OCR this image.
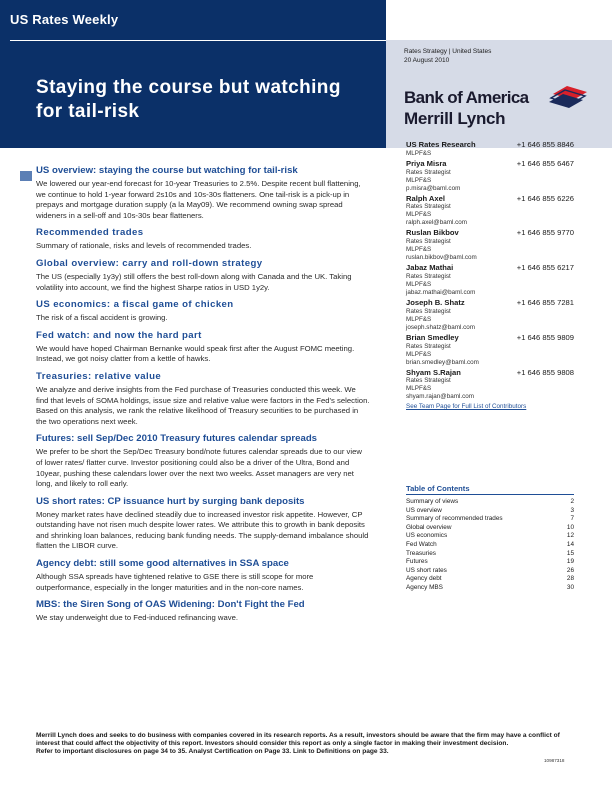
US Rates Weekly
Staying the course but watching for tail-risk
Rates Strategy | United States
20 August 2010
Bank of America
Merrill Lynch
US overview: staying the course but watching for tail-risk

We lowered our year-end forecast for 10-year Treasuries to 2.5%. Despite recent bull flattening, we continue to hold 1-year forward 2s10s and 10s-30s flatteners. One tail-risk is a pick-up in prepays and mortgage duration supply (a la May09). We recommend owning swap spread wideners in a sell-off and 10s-30s bear flatteners.

Recommended trades

Summary of rationale, risks and levels of recommended trades.

Global overview: carry and roll-down strategy

The US (especially 1y3y) still offers the best roll-down along with Canada and the UK. Taking volatility into account, we find the highest Sharpe ratios in USD 1y2y.

US economics: a fiscal game of chicken

The risk of a fiscal accident is growing.

Fed watch: and now the hard part

We would have hoped Chairman Bernanke would speak first after the August FOMC meeting. Instead, we got noisy clatter from a kettle of hawks.

Treasuries: relative value

We analyze and derive insights from the Fed purchase of Treasuries conducted this week. We find that levels of SOMA holdings, issue size and relative value were factors in the Fed's selection. Based on this analysis, we rank the relative likelihood of Treasury securities to be purchased in the two operations next week.

Futures: sell Sep/Dec 2010 Treasury futures calendar spreads

We prefer to be short the Sep/Dec Treasury bond/note futures calendar spreads due to our view of lower rates/ flatter curve. Investor positioning could also be a driver of the Ultra, Bond and 10year, pushing these calendars lower over the next two weeks. Asset managers are very net long, and likely to roll early.

US short rates: CP issuance hurt by surging bank deposits

Money market rates have declined steadily due to increased investor risk appetite. However, CP outstanding have not risen much despite lower rates. We attribute this to growth in bank deposits and shrinking loan balances, reducing bank funding needs. The supply-demand imbalance should flatten the LIBOR curve.

Agency debt: still some good alternatives in SSA space

Although SSA spreads have tightened relative to GSE there is still scope for more outperformance, especially in the longer maturities and in the non-core names.

MBS: the Siren Song of OAS Widening: Don't Fight the Fed

We stay underweight due to Fed-induced refinancing wave.

US Rates Research	+1 646 855 8846
MLPF&S
Priya Misra	+1 646 855 6467
Rates Strategist
MLPF&S
p.misra@baml.com
Ralph Axel	+1 646 855 6226
Rates Strategist
MLPF&S
ralph.axel@baml.com
Ruslan Bikbov	+1 646 855 9770
Rates Strategist
MLPF&S
ruslan.bikbov@baml.com
Jabaz Mathai	+1 646 855 6217
Rates Strategist
MLPF&S
jabaz.mathai@baml.com
Joseph B. Shatz	+1 646 855 7281
Rates Strategist
MLPF&S
joseph.shatz@baml.com
Brian Smedley	+1 646 855 9809
Rates Strategist
MLPF&S
brian.smedley@baml.com
Shyam S.Rajan	+1 646 855 9808
Rates Strategist
MLPF&S
shyam.rajan@baml.com
See Team Page for Full List of Contributors
Table of Contents
Summary of views	2
US overview	3
Summary of recommended trades	7
Global overview	10
US economics	12
Fed Watch	14
Treasuries	15
Futures	19
US short rates	26
Agency debt	28
Agency MBS	30
Merrill Lynch does and seeks to do business with companies covered in its research reports. As a result, investors should be aware that the firm may have a conflict of interest that could affect the objectivity of this report. Investors should consider this report as only a single factor in making their investment decision.
Refer to important disclosures on page 34 to 35. Analyst Certification on Page 33. Link to Definitions on page 33.
10987318
